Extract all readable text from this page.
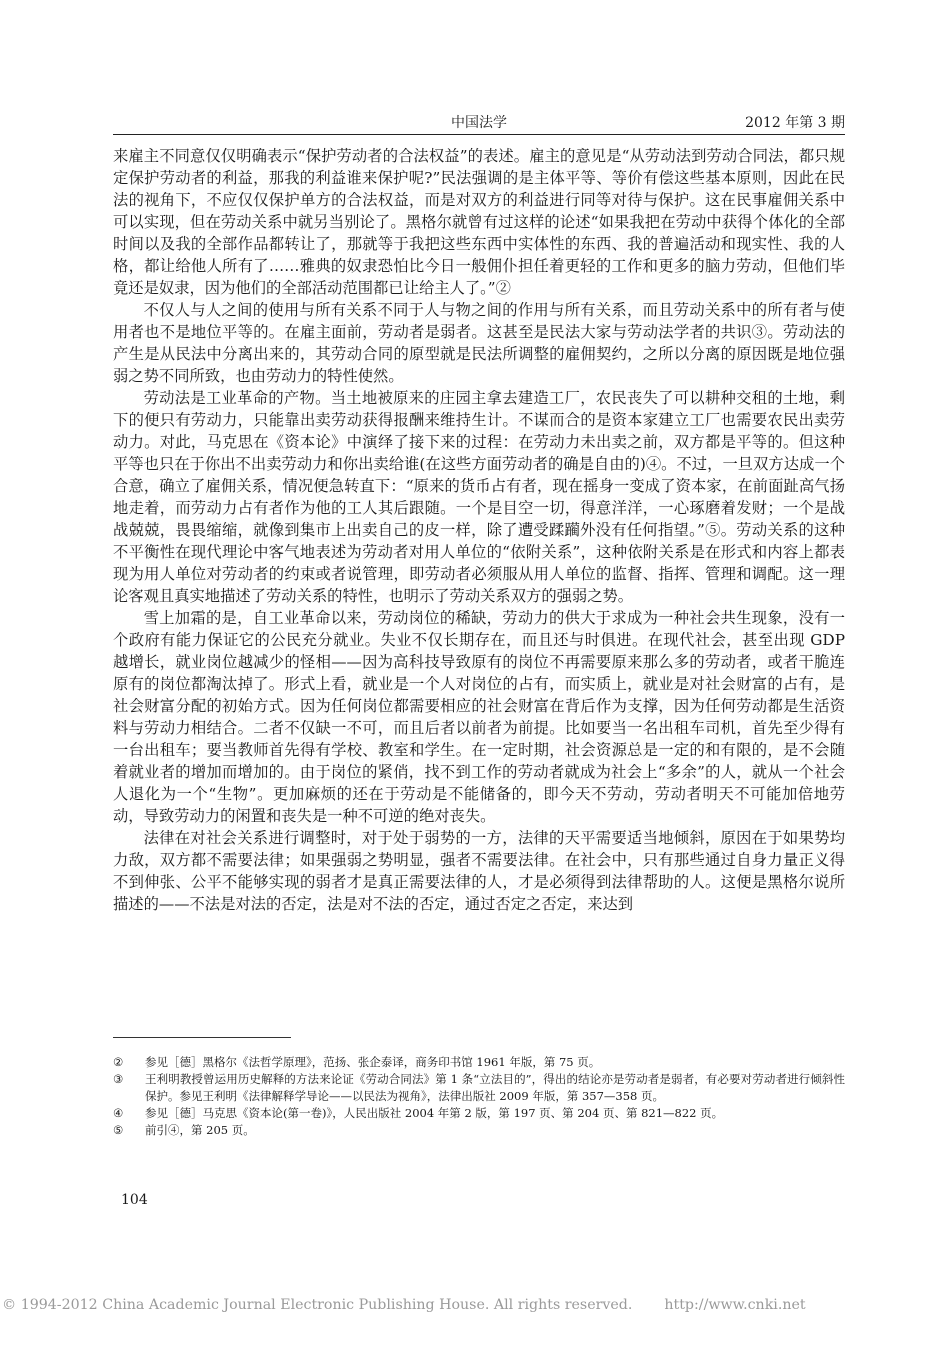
中国法学	2012 年第 3 期

来雇主不同意仅仅明确表示“保护劳动者的合法权益”的表述。雇主的意见是“从劳动法到劳动合同法，都只规定保护劳动者的利益，那我的利益谁来保护呢?”民法强调的是主体平等、等价有偿这些基本原则，因此在民法的视角下，不应仅仅保护单方的合法权益，而是对双方的利益进行同等对待与保护。这在民事雇佣关系中可以实现，但在劳动关系中就另当别论了。黑格尔就曾有过这样的论述“如果我把在劳动中获得个体化的全部时间以及我的全部作品都转让了，那就等于我把这些东西中实体性的东西、我的普遍活动和现实性、我的人格，都让给他人所有了……雅典的奴隶恐怕比今日一般佣仆担任着更轻的工作和更多的脑力劳动，但他们毕竟还是奴隶，因为他们的全部活动范围都已让给主人了。”②

不仅人与人之间的使用与所有关系不同于人与物之间的作用与所有关系，而且劳动关系中的所有者与使用者也不是地位平等的。在雇主面前，劳动者是弱者。这甚至是民法大家与劳动法学者的共识③。劳动法的产生是从民法中分离出来的，其劳动合同的原型就是民法所调整的雇佣契约，之所以分离的原因既是地位强弱之势不同所致，也由劳动力的特性使然。

劳动法是工业革命的产物。当土地被原来的庄园主拿去建造工厂，农民丧失了可以耕种交租的土地，剩下的便只有劳动力，只能靠出卖劳动获得报酬来维持生计。不谋而合的是资本家建立工厂也需要农民出卖劳动力。对此，马克思在《资本论》中演绎了接下来的过程：在劳动力未出卖之前，双方都是平等的。但这种平等也只在于你出不出卖劳动力和你出卖给谁(在这些方面劳动者的确是自由的)④。不过，一旦双方达成一个合意，确立了雇佣关系，情况便急转直下：“原来的货币占有者，现在摇身一变成了资本家，在前面趾高气扬地走着，而劳动力占有者作为他的工人其后跟随。一个是目空一切，得意洋洋，一心琢磨着发财；一个是战战兢兢，畏畏缩缩，就像到集市上出卖自己的皮一样，除了遭受蹂躏外没有任何指望。”⑤。劳动关系的这种不平衡性在现代理论中客气地表述为劳动者对用人单位的“依附关系”，这种依附关系是在形式和内容上都表现为用人单位对劳动者的约束或者说管理，即劳动者必须服从用人单位的监督、指挥、管理和调配。这一理论客观且真实地描述了劳动关系的特性，也明示了劳动关系双方的强弱之势。

雪上加霜的是，自工业革命以来，劳动岗位的稀缺，劳动力的供大于求成为一种社会共生现象，没有一个政府有能力保证它的公民充分就业。失业不仅长期存在，而且还与时俱进。在现代社会，甚至出现 GDP 越增长，就业岗位越减少的怪相——因为高科技导致原有的岗位不再需要原来那么多的劳动者，或者干脆连原有的岗位都淘汰掉了。形式上看，就业是一个人对岗位的占有，而实质上，就业是对社会财富的占有，是社会财富分配的初始方式。因为任何岗位都需要相应的社会财富在背后作为支撑，因为任何劳动都是生活资料与劳动力相结合。二者不仅缺一不可，而且后者以前者为前提。比如要当一名出租车司机，首先至少得有一台出租车；要当教师首先得有学校、教室和学生。在一定时期，社会资源总是一定的和有限的，是不会随着就业者的增加而增加的。由于岗位的紧俏，找不到工作的劳动者就成为社会上“多余”的人，就从一个社会人退化为一个“生物”。更加麻烦的还在于劳动是不能储备的，即今天不劳动，劳动者明天不可能加倍地劳动，导致劳动力的闲置和丧失是一种不可逆的绝对丧失。

法律在对社会关系进行调整时，对于处于弱势的一方，法律的天平需要适当地倾斜，原因在于如果势均力敌，双方都不需要法律；如果强弱之势明显，强者不需要法律。在社会中，只有那些通过自身力量正义得不到伸张、公平不能够实现的弱者才是真正需要法律的人，才是必须得到法律帮助的人。这便是黑格尔说所描述的——不法是对法的否定，法是对不法的否定，通过否定之否定，来达到

②	参见［德］黑格尔《法哲学原理》，范扬、张企泰译，商务印书馆 1961 年版，第 75 页。
③	王利明教授曾运用历史解释的方法来论证《劳动合同法》第 1 条“立法目的”，得出的结论亦是劳动者是弱者，有必要对劳动者进行倾斜性保护。参见王利明《法律解释学导论——以民法为视角》，法律出版社 2009 年版，第 357—358 页。
④	参见［德］马克思《资本论(第一卷)》，人民出版社 2004 年第 2 版，第 197 页、第 204 页、第 821—822 页。
⑤	前引④，第 205 页。
104
© 1994-2012 China Academic Journal Electronic Publishing House. All rights reserved. http://www.cnki.net
